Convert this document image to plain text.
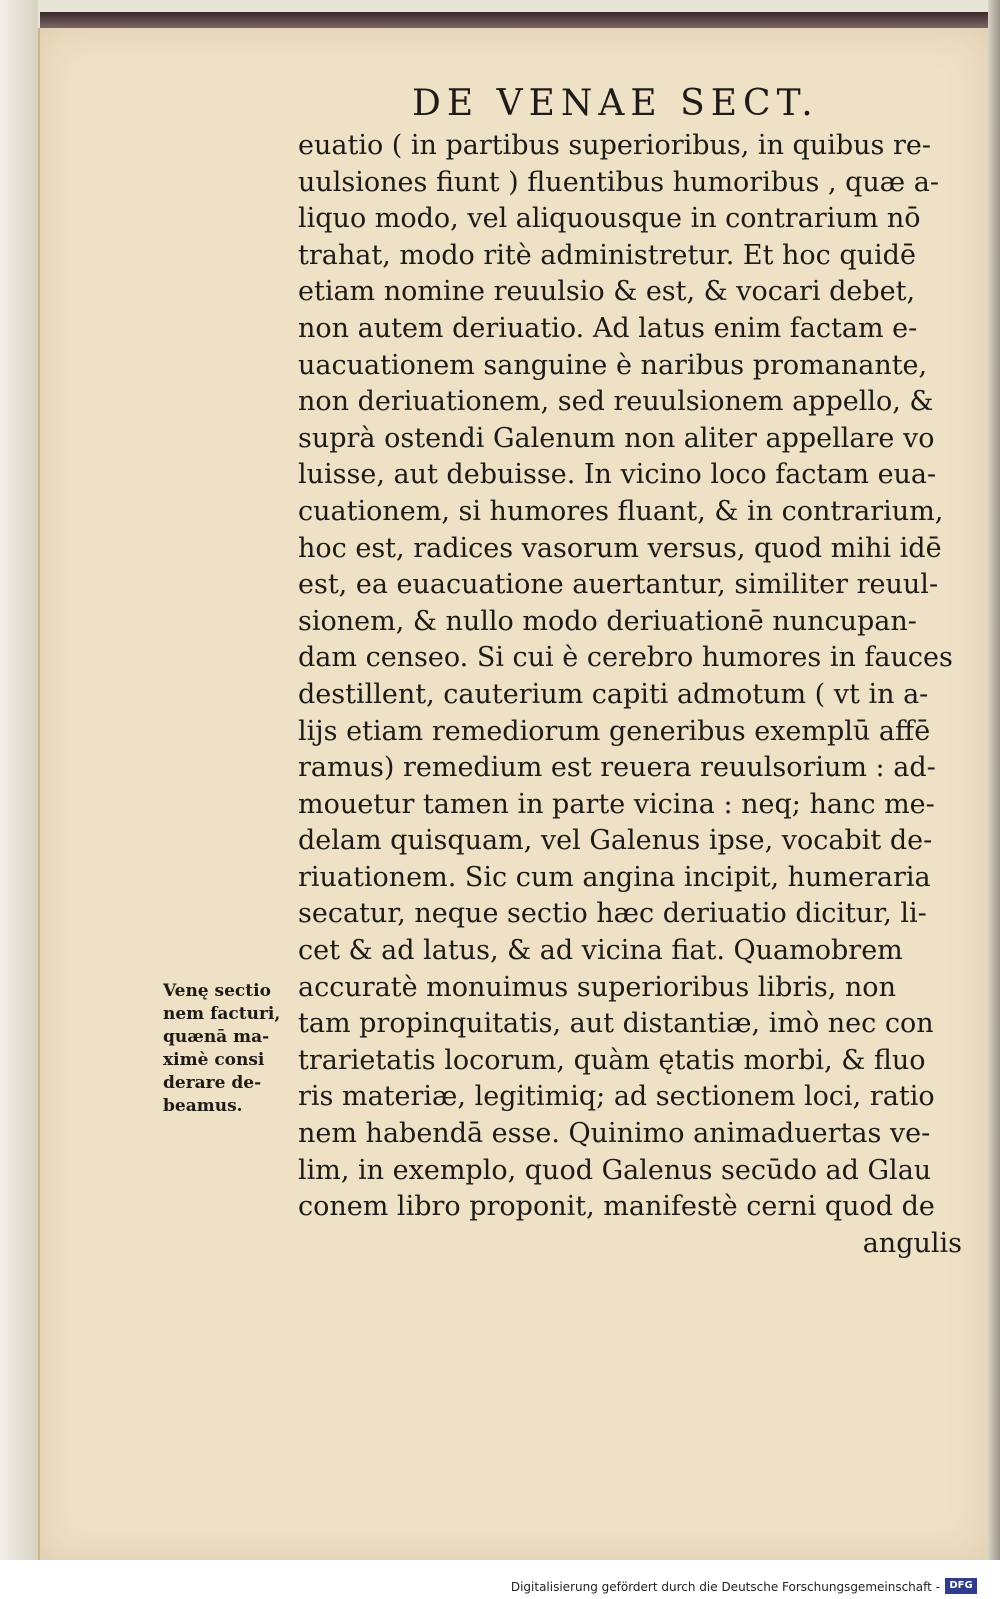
DE VENAE SECT.
euatio ( in partibus superioribus, in quibus re-
uulsiones fiunt ) fluentibus humoribus , quæ a-
liquo modo, vel aliquousque in contrarium nō
trahat, modo ritè administretur. Et hoc quidē
etiam nomine reuulsio & est, & vocari debet,
non autem deriuatio. Ad latus enim factam e-
uacuationem sanguine è naribus promanante,
non deriuationem, sed reuulsionem appello, &
suprà ostendi Galenum non aliter appellare vo
luisse, aut debuisse. In vicino loco factam eua-
cuationem, si humores fluant, & in contrarium,
hoc est, radices vasorum versus, quod mihi idē
est, ea euacuatione auertantur, similiter reuul-
sionem, & nullo modo deriuationē nuncupan-
dam censeo. Si cui è cerebro humores in fauces
destillent, cauterium capiti admotum ( vt in a-
lijs etiam remediorum generibus exemplū affē
ramus) remedium est reuera reuulsorium : ad-
mouetur tamen in parte vicina : neq; hanc me-
delam quisquam, vel Galenus ipse, vocabit de-
riuationem. Sic cum angina incipit, humeraria
secatur, neque sectio hæc deriuatio dicitur, li-
cet & ad latus, & ad vicina fiat. Quamobrem
accuratè monuimus superioribus libris, non
tam propinquitatis, aut distantiæ, imò nec con
trarietatis locorum, quàm ętatis morbi, & fluo
ris materiæ, legitimiq; ad sectionem loci, ratio
nem habendā esse. Quinimo animaduertas ve-
lim, in exemplo, quod Galenus secūdo ad Glau
conem libro proponit, manifestè cerni quod de
angulis
Venę sectio
nem facturi,
quænā ma-
ximè consi
derare de-
beamus.
Digitalisierung gefördert durch die Deutsche Forschungsgemeinschaft - DFG
